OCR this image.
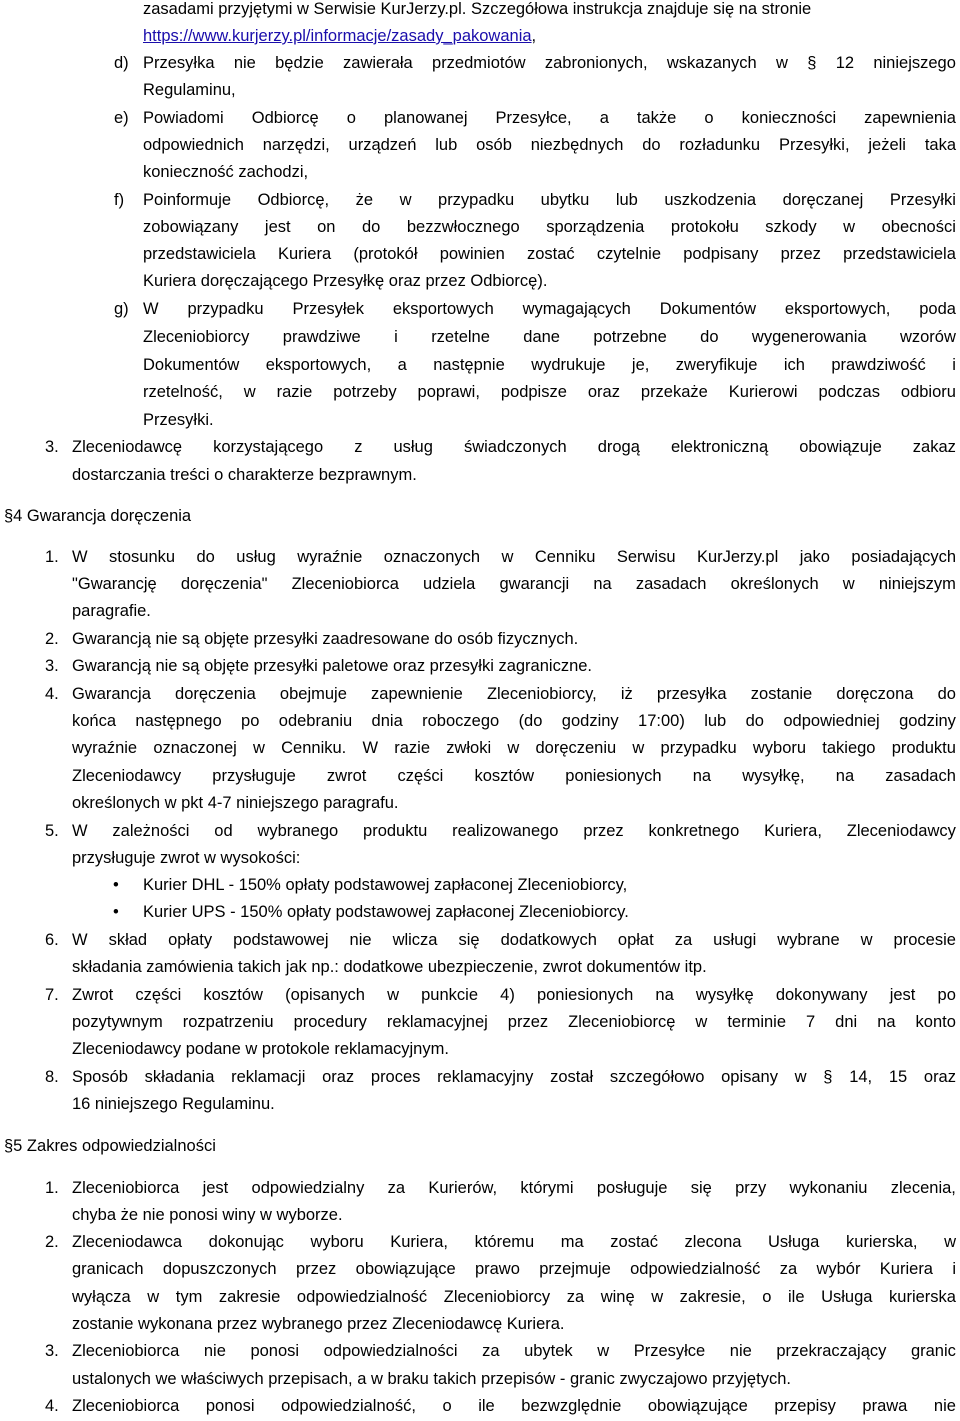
zasadami przyjętymi w Serwisie KurJerzy.pl. Szczegółowa instrukcja znajduje się na stronie
https://www.kurjerzy.pl/informacje/zasady_pakowania,
d) Przesyłka nie będzie zawierała przedmiotów zabronionych, wskazanych w § 12 niniejszego
Regulaminu,
e) Powiadomi Odbiorcę o planowanej Przesyłce, a także o konieczności zapewnienia
odpowiednich narzędzi, urządzeń lub osób niezbędnych do rozładunku Przesyłki, jeżeli taka
konieczność zachodzi,
f) Poinformuje Odbiorcę, że w przypadku ubytku lub uszkodzenia doręczanej Przesyłki
zobowiązany jest on do bezzwłocznego sporządzenia protokołu szkody w obecności
przedstawiciela Kuriera (protokół powinien zostać czytelnie podpisany przez przedstawiciela
Kuriera doręczającego Przesyłkę oraz przez Odbiorcę).
g) W przypadku Przesyłek eksportowych wymagających Dokumentów eksportowych, poda
Zleceniobiorcy prawdziwe i rzetelne dane potrzebne do wygenerowania wzorów
Dokumentów eksportowych, a następnie wydrukuje je, zweryfikuje ich prawdziwość i
rzetelność, w razie potrzeby poprawi, podpisze oraz przekaże Kurierowi podczas odbioru
Przesyłki.
3. Zleceniodawcę korzystającego z usług świadczonych drogą elektroniczną obowiązuje zakaz
dostarczania treści o charakterze bezprawnym.
§4 Gwarancja doręczenia
1. W stosunku do usług wyraźnie oznaczonych w Cenniku Serwisu KurJerzy.pl jako posiadających
"Gwarancję doręczenia" Zleceniobiorca udziela gwarancji na zasadach określonych w niniejszym
paragrafie.
2. Gwarancją nie są objęte przesyłki zaadresowane do osób fizycznych.
3. Gwarancją nie są objęte przesyłki paletowe oraz przesyłki zagraniczne.
4. Gwarancja doręczenia obejmuje zapewnienie Zleceniobiorcy, iż przesyłka zostanie doręczona do
końca następnego po odebraniu dnia roboczego (do godziny 17:00) lub do odpowiedniej godziny
wyraźnie oznaczonej w Cenniku. W razie zwłoki w doręczeniu w przypadku wyboru takiego produktu
Zleceniodawcy przysługuje zwrot części kosztów poniesionych na wysyłkę, na zasadach
określonych w pkt 4-7 niniejszego paragrafu.
5. W zależności od wybranego produktu realizowanego przez konkretnego Kuriera, Zleceniodawcy
przysługuje zwrot w wysokości:
• Kurier DHL - 150% opłaty podstawowej zapłaconej Zleceniobiorcy,
• Kurier UPS - 150% opłaty podstawowej zapłaconej Zleceniobiorcy.
6. W skład opłaty podstawowej nie wlicza się dodatkowych opłat za usługi wybrane w procesie
składania zamówienia takich jak np.: dodatkowe ubezpieczenie, zwrot dokumentów itp.
7. Zwrot części kosztów (opisanych w punkcie 4) poniesionych na wysyłkę dokonywany jest po
pozytywnym rozpatrzeniu procedury reklamacyjnej przez Zleceniobiorcę w terminie 7 dni na konto
Zleceniodawcy podane w protokole reklamacyjnym.
8. Sposób składania reklamacji oraz proces reklamacyjny został szczegółowo opisany w § 14, 15 oraz
16 niniejszego Regulaminu.
§5 Zakres odpowiedzialności
1. Zleceniobiorca jest odpowiedzialny za Kurierów, którymi posługuje się przy wykonaniu zlecenia,
chyba że nie ponosi winy w wyborze.
2. Zleceniodawca dokonując wyboru Kuriera, któremu ma zostać zlecona Usługa kurierska, w
granicach dopuszczonych przez obowiązujące prawo przejmuje odpowiedzialność za wybór Kuriera i
wyłącza w tym zakresie odpowiedzialność Zleceniobiorcy za winę w zakresie, o ile Usługa kurierska
zostanie wykonana przez wybranego przez Zleceniodawcę Kuriera.
3. Zleceniobiorca nie ponosi odpowiedzialności za ubytek w Przesyłce nie przekraczający granic
ustalonych we właściwych przepisach, a w braku takich przepisów - granic zwyczajowo przyjętych.
4. Zleceniobiorca ponosi odpowiedzialność, o ile bezwzględnie obowiązujące przepisy prawa nie
